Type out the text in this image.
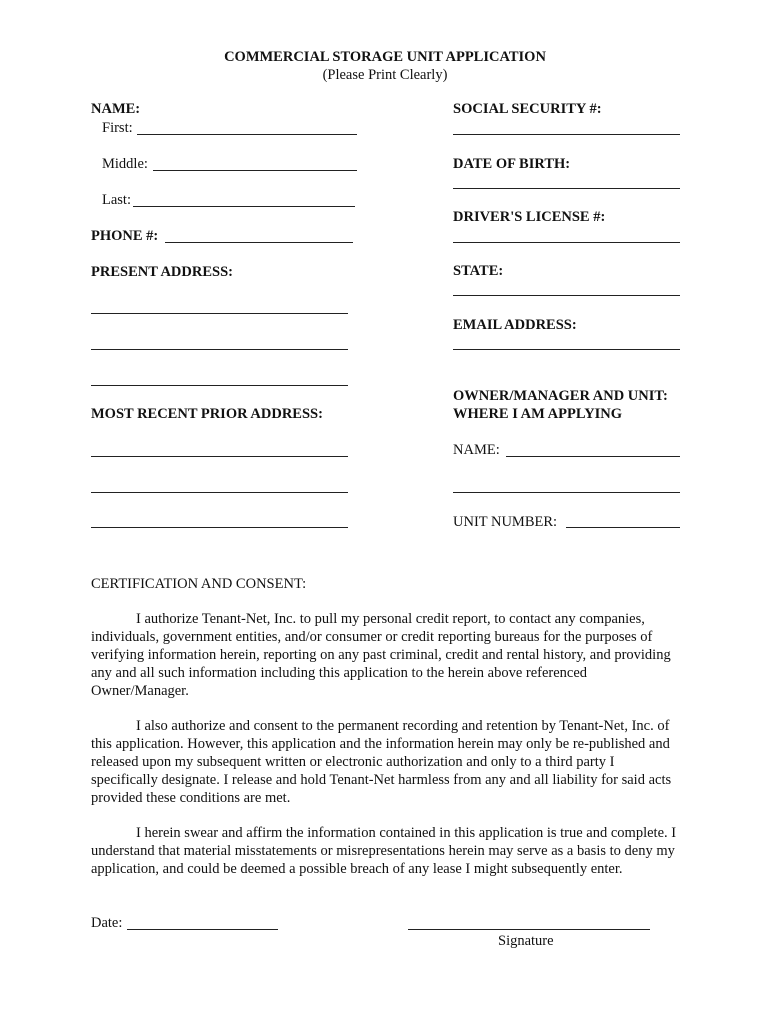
COMMERCIAL STORAGE UNIT APPLICATION
(Please Print Clearly)
NAME:
First:
Middle:
Last:
PHONE #:
PRESENT ADDRESS:
MOST RECENT PRIOR ADDRESS:
SOCIAL SECURITY #:
DATE OF BIRTH:
DRIVER'S LICENSE #:
STATE:
EMAIL ADDRESS:
OWNER/MANAGER AND UNIT:
WHERE I AM APPLYING
NAME:
UNIT NUMBER:
CERTIFICATION AND CONSENT:

I authorize Tenant-Net, Inc. to pull my personal credit report, to contact any companies, individuals, government entities, and/or consumer or credit reporting bureaus for the purposes of verifying information herein, reporting on any past criminal, credit and rental history, and providing any and all such information including this application to the herein above referenced Owner/Manager.

I also authorize and consent to the permanent recording and retention by Tenant-Net, Inc. of this application. However, this application and the information herein may only be re-published and released upon my subsequent written or electronic authorization and only to a third party I specifically designate. I release and hold Tenant-Net harmless from any and all liability for said acts provided these conditions are met.

I herein swear and affirm the information contained in this application is true and complete. I understand that material misstatements or misrepresentations herein may serve as a basis to deny my application, and could be deemed a possible breach of any lease I might subsequently enter.

Date:
Signature
